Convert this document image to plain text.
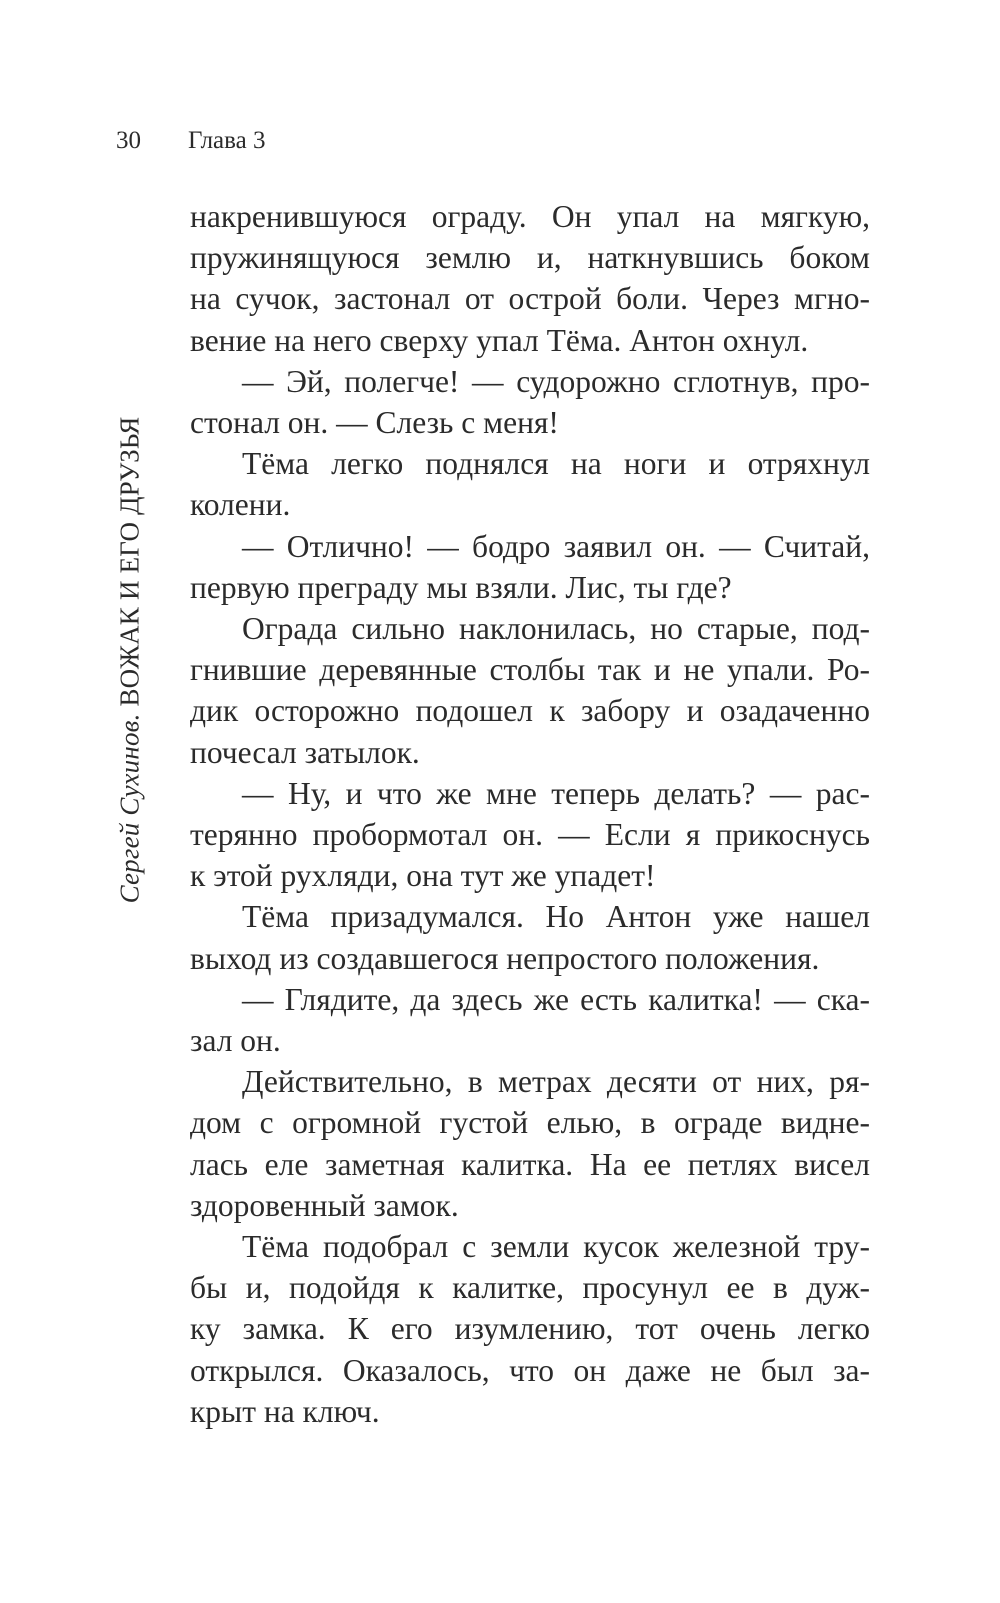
30 Глава 3
Сергей Сухинов. ВОЖАК И ЕГО ДРУЗЬЯ
накренившуюся ограду. Он упал на мягкую,
пружинящуюся землю и, наткнувшись боком
на сучок, застонал от острой боли. Через мгно-
вение на него сверху упал Тёма. Антон охнул.
— Эй, полегче! — судорожно сглотнув, про-
стонал он. — Слезь с меня!
Тёма легко поднялся на ноги и отряхнул
колени.
— Отлично! — бодро заявил он. — Считай,
первую преграду мы взяли. Лис, ты где?
Ограда сильно наклонилась, но старые, под-
гнившие деревянные столбы так и не упали. Ро-
дик осторожно подошел к забору и озадаченно
почесал затылок.
— Ну, и что же мне теперь делать? — рас-
терянно пробормотал он. — Если я прикоснусь
к этой рухляди, она тут же упадет!
Тёма призадумался. Но Антон уже нашел
выход из создавшегося непростого положения.
— Глядите, да здесь же есть калитка! — ска-
зал он.
Действительно, в метрах десяти от них, ря-
дом с огромной густой елью, в ограде видне-
лась еле заметная калитка. На ее петлях висел
здоровенный замок.
Тёма подобрал с земли кусок железной тру-
бы и, подойдя к калитке, просунул ее в дуж-
ку замка. К его изумлению, тот очень легко
открылся. Оказалось, что он даже не был за-
крыт на ключ.
